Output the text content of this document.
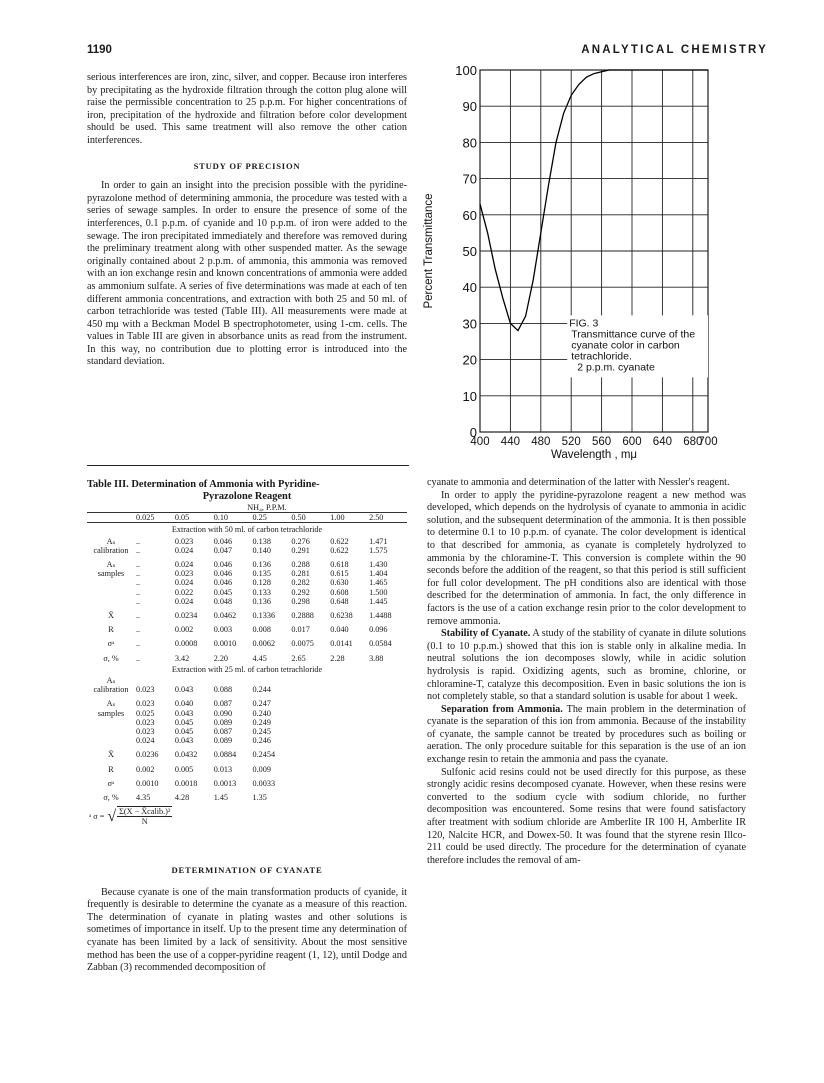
1190	ANALYTICAL CHEMISTRY

serious interferences are iron, zinc, silver, and copper. Because iron interferes by precipitating as the hydroxide filtration through the cotton plug alone will raise the permissible concentration to 25 p.p.m. For higher concentrations of iron, precipitation of the hydroxide and filtration before color development should be used. This same treatment will also remove the other cation interferences.

STUDY OF PRECISION

In order to gain an insight into the precision possible with the pyridine-pyrazolone method of determining ammonia, the procedure was tested with a series of sewage samples. In order to ensure the presence of some of the interferences, 0.1 p.p.m. of cyanide and 10 p.p.m. of iron were added to the sewage. The iron precipitated immediately and therefore was removed during the preliminary treatment along with other suspended matter. As the sewage originally contained about 2 p.p.m. of ammonia, this ammonia was removed with an ion exchange resin and known concentrations of ammonia were added as ammonium sulfate. A series of five determinations was made at each of ten different ammonia concentrations, and extraction with both 25 and 50 ml. of carbon tetrachloride was tested (Table III). All measurements were made at 450 mμ with a Beckman Model B spectrophotometer, using 1-cm. cells. The values in Table III are given in absorbance units as read from the instrument. In this way, no contribution due to plotting error is introduced into the standard deviation.

0
10
20
30
40
50
60
70
80
90
100
400 440 480 520 560 600 640 680
700
FIG. 3
Transmittance curve of the
cyanate color in carbon
tetrachloride.
2 p.p.m. cyanate
Wavelength , mμ
Percent Transmittance
Table III. Determination of Ammonia with Pyridine-
Pyrazolone Reagent
NH₄, P.P.M.
	0.025	0.05	0.10	0.25	0.50	1.00	2.50
Extraction with 50 ml. of carbon tetrachloride							
Aₛ	..	0.023	0.046	0.138	0.276	0.622	1.471
calibration	..	0.024	0.047	0.140	0.291	0.622	1.575

Aₛ	..	0.024	0.046	0.136	0.288	0.618	1.430
samples	..	0.023	0.046	0.135	0.281	0.615	1.404
	..	0.024	0.046	0.128	0.282	0.630	1.465
	..	0.022	0.045	0.133	0.292	0.608	1.500
	..	0.024	0.048	0.136	0.298	0.648	1.445

X̄	..	0.0234	0.0462	0.1336	0.2888	0.6238	1.4488

R	..	0.002	0.003	0.008	0.017	0.040	0.096

σᵃ	..	0.0008	0.0010	0.0062	0.0075	0.0141	0.0584

σ, %	..	3.42	2.20	4.45	2.65	2.28	3.88
Extraction with 25 ml. of carbon tetrachloride							
Aₛ							
calibration	0.023	0.043	0.088	0.244			

Aₛ	0.023	0.040	0.087	0.247			
samples	0.025	0.043	0.090	0.240			
	0.023	0.045	0.089	0.249			
	0.023	0.045	0.087	0.245			
	0.024	0.043	0.089	0.246			

X̄	0.0236	0.0432	0.0884	0.2454			

R	0.002	0.005	0.013	0.009			

σᵃ	0.0010	0.0018	0.0013	0.0033			

σ, %	4.35	4.28	1.45	1.35			
ᵃ σ = √ Σ(X − X̄calib.)²
N
DETERMINATION OF CYANATE

Because cyanate is one of the main transformation products of cyanide, it frequently is desirable to determine the cyanate as a measure of this reaction. The determination of cyanate in plating wastes and other solutions is sometimes of importance in itself. Up to the present time any determination of cyanate has been limited by a lack of sensitivity. About the most sensitive method has been the use of a copper-pyridine reagent (1, 12), until Dodge and Zabban (3) recommended decomposition of

cyanate to ammonia and determination of the latter with Nessler's reagent.

In order to apply the pyridine-pyrazolone reagent a new method was developed, which depends on the hydrolysis of cyanate to ammonia in acidic solution, and the subsequent determination of the ammonia. It is then possible to determine 0.1 to 10 p.p.m. of cyanate. The color development is identical to that described for ammonia, as cyanate is completely hydrolyzed to ammonia by the chloramine-T. This conversion is complete within the 90 seconds before the addition of the reagent, so that this period is still sufficient for full color development. The pH conditions also are identical with those described for the determination of ammonia. In fact, the only difference in factors is the use of a cation exchange resin prior to the color development to remove ammonia.

Stability of Cyanate. A study of the stability of cyanate in dilute solutions (0.1 to 10 p.p.m.) showed that this ion is stable only in alkaline media. In neutral solutions the ion decomposes slowly, while in acidic solution hydrolysis is rapid. Oxidizing agents, such as bromine, chlorine, or chloramine-T, catalyze this decomposition. Even in basic solutions the ion is not completely stable, so that a standard solution is usable for about 1 week.

Separation from Ammonia. The main problem in the determination of cyanate is the separation of this ion from ammonia. Because of the instability of cyanate, the sample cannot be treated by procedures such as boiling or aeration. The only procedure suitable for this separation is the use of an ion exchange resin to retain the ammonia and pass the cyanate.

Sulfonic acid resins could not be used directly for this purpose, as these strongly acidic resins decomposed cyanate. However, when these resins were converted to the sodium cycle with sodium chloride, no further decomposition was encountered. Some resins that were found satisfactory after treatment with sodium chloride are Amberlite IR 100 H, Amberlite IR 120, Nalcite HCR, and Dowex-50. It was found that the styrene resin Illco-211 could be used directly. The procedure for the determination of cyanate therefore includes the removal of am-
